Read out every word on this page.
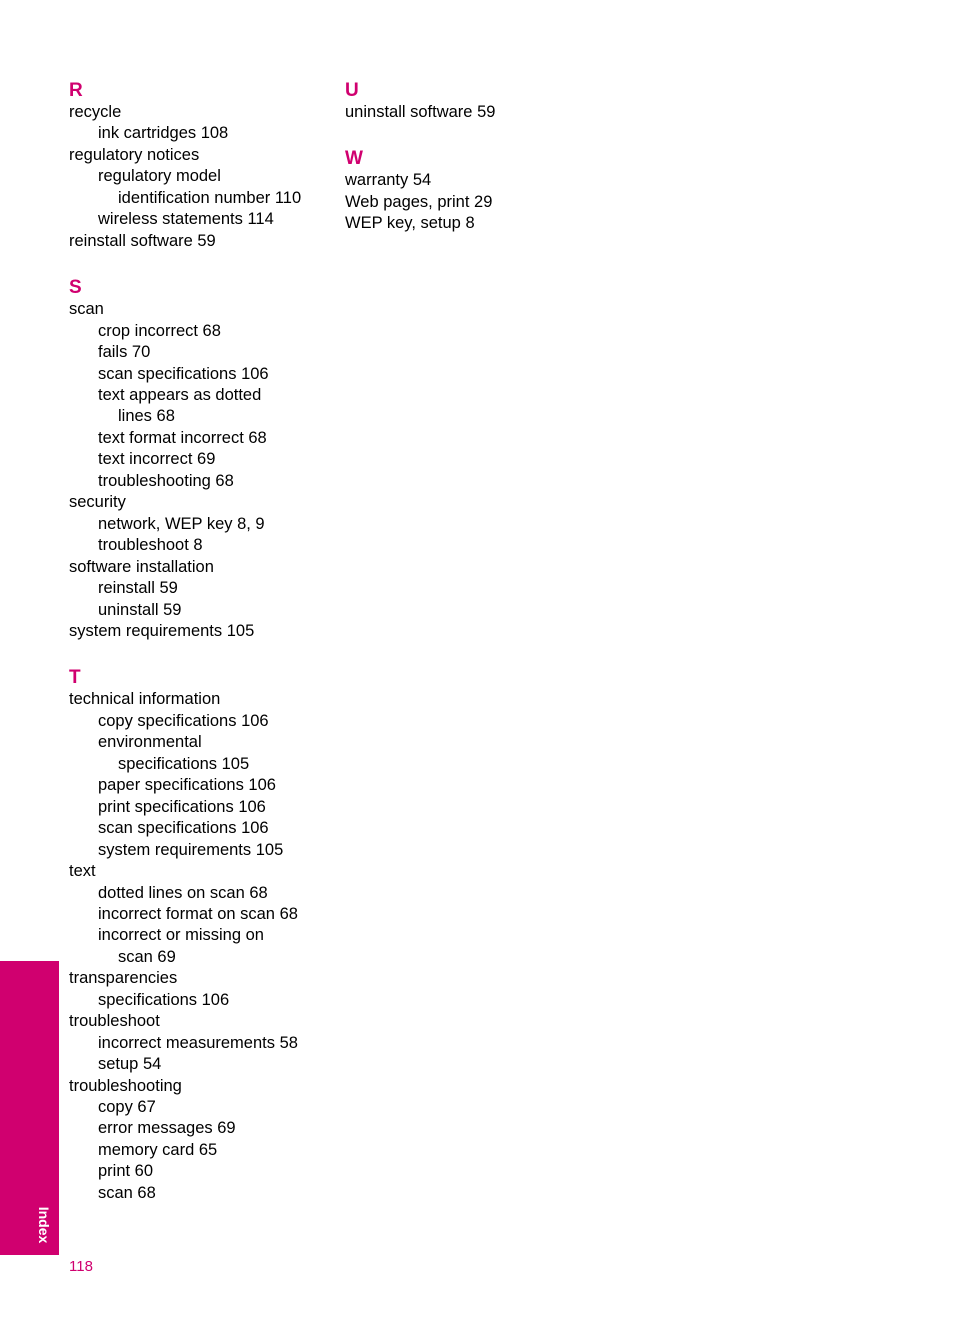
R
recycle
ink cartridges 108
regulatory notices
regulatory model
identification number 110
wireless statements 114
reinstall software 59
S
scan
crop incorrect 68
fails 70
scan specifications 106
text appears as dotted
lines 68
text format incorrect 68
text incorrect 69
troubleshooting 68
security
network, WEP key 8, 9
troubleshoot 8
software installation
reinstall 59
uninstall 59
system requirements 105
T
technical information
copy specifications 106
environmental
specifications 105
paper specifications 106
print specifications 106
scan specifications 106
system requirements 105
text
dotted lines on scan 68
incorrect format on scan 68
incorrect or missing on
scan 69
transparencies
specifications 106
troubleshoot
incorrect measurements 58
setup 54
troubleshooting
copy 67
error messages 69
memory card 65
print 60
scan 68
U
uninstall software 59
W
warranty 54
Web pages, print 29
WEP key, setup 8
Index
118
